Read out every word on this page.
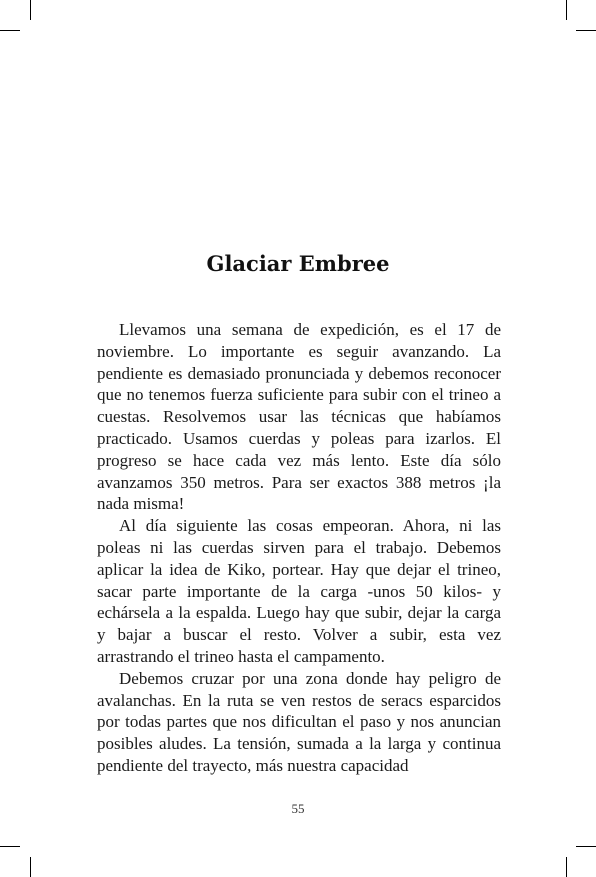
Glaciar Embree

Llevamos una semana de expedición, es el 17 de noviembre. Lo importante es seguir avanzando. La pendiente es demasiado pronunciada y debemos reconocer que no tenemos fuerza suficiente para subir con el trineo a cuestas. Resolvemos usar las técnicas que habíamos practicado. Usamos cuerdas y poleas para izarlos. El progreso se hace cada vez más lento. Este día sólo avanzamos 350 metros. Para ser exactos 388 metros ¡la nada misma!

Al día siguiente las cosas empeoran. Ahora, ni las poleas ni las cuerdas sirven para el trabajo. Debemos aplicar la idea de Kiko, portear. Hay que dejar el trineo, sacar parte importante de la carga -unos 50 kilos- y echársela a la espalda. Luego hay que subir, dejar la carga y bajar a buscar el resto. Volver a subir, esta vez arrastrando el trineo hasta el campamento.

Debemos cruzar por una zona donde hay peligro de avalanchas. En la ruta se ven restos de seracs esparcidos por todas partes que nos dificultan el paso y nos anuncian posibles aludes. La tensión, sumada a la larga y continua pendiente del trayecto, más nuestra capacidad

55
